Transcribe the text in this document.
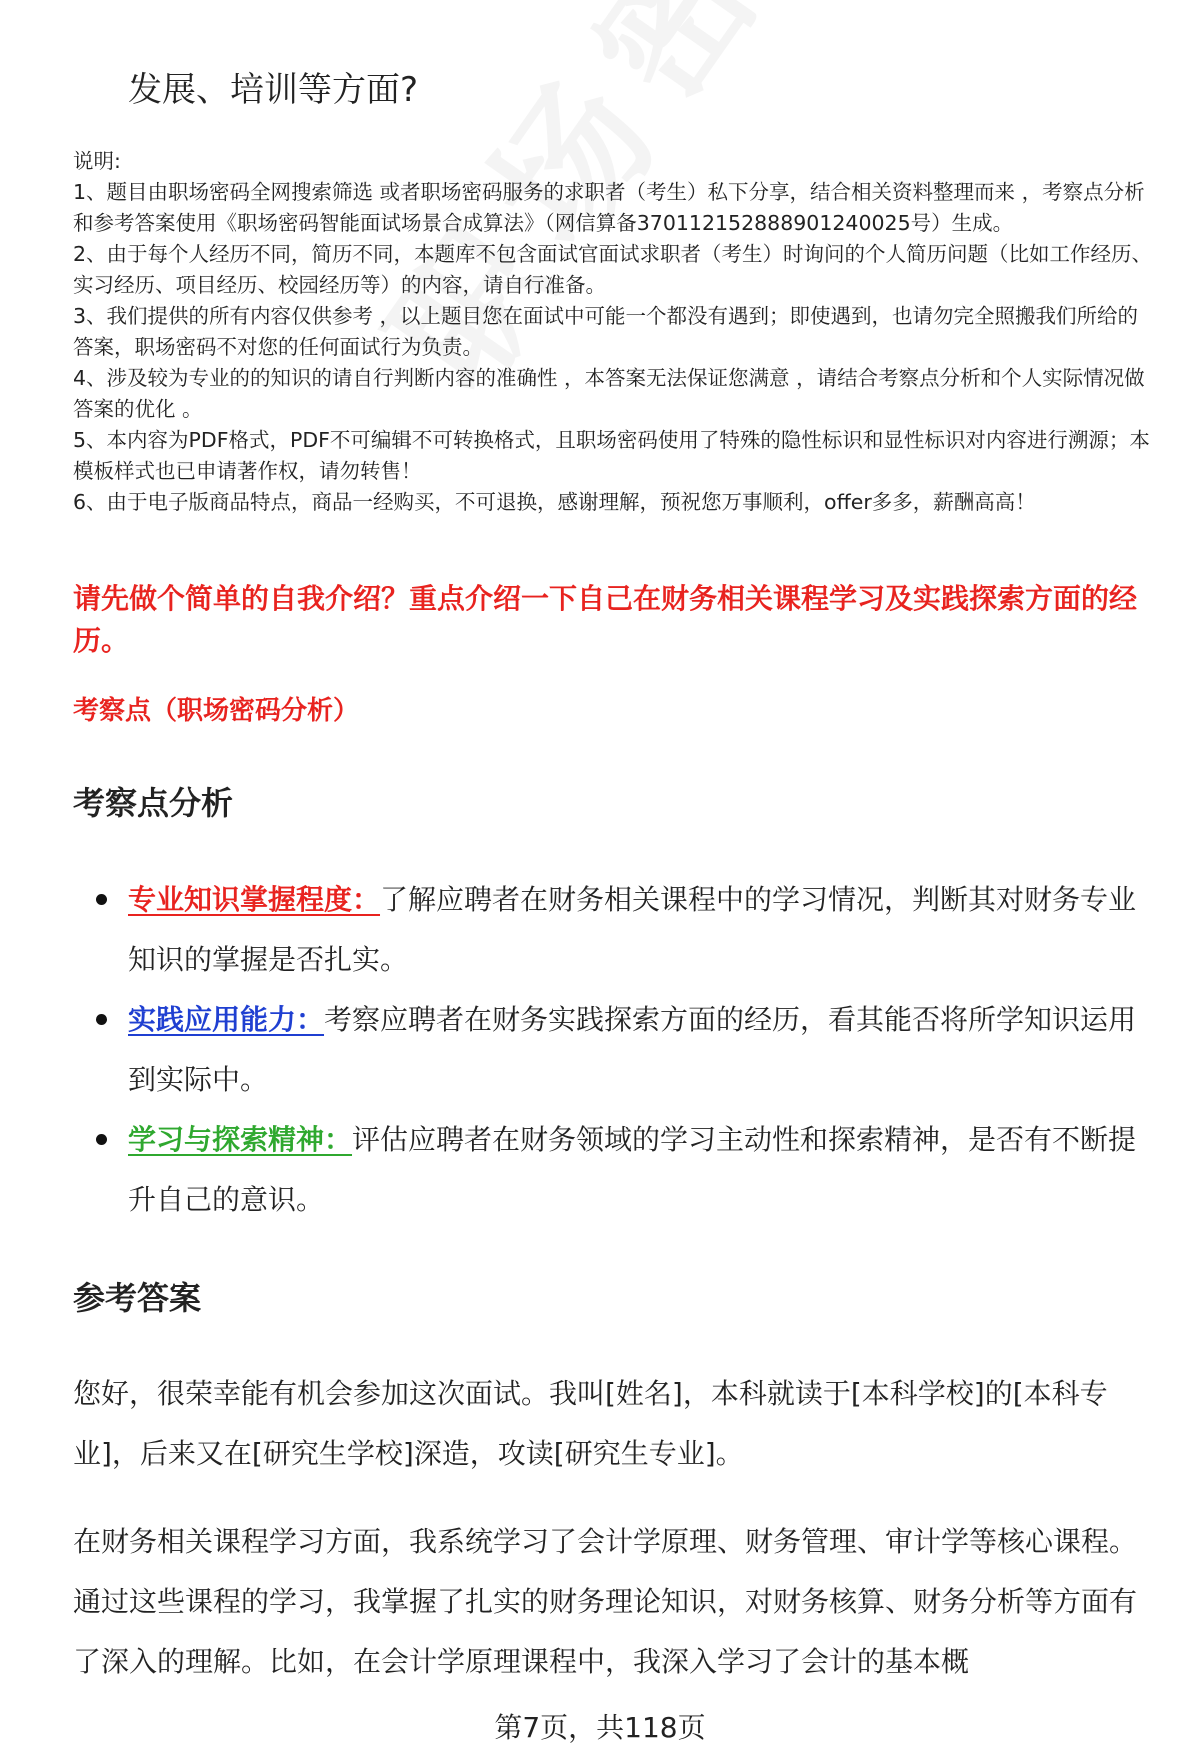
发展、培训等方面?

说明:

1、题目由职场密码全网搜索筛选 或者职场密码服务的求职者（考生）私下分享，结合相关资料整理而来 ，考察点分析和参考答案使用《职场密码智能面试场景合成算法》（网信算备370112152888901240025号）生成。

2、由于每个人经历不同，简历不同，本题库不包含面试官面试求职者（考生）时询问的个人简历问题（比如工作经历、实习经历、项目经历、校园经历等）的内容，请自行准备。

3、我们提供的所有内容仅供参考 ，以上题目您在面试中可能一个都没有遇到；即使遇到，也请勿完全照搬我们所给的答案，职场密码不对您的任何面试行为负责。

4、涉及较为专业的的知识的请自行判断内容的准确性 ，本答案无法保证您满意 ，请结合考察点分析和个人实际情况做答案的优化 。

5、本内容为PDF格式，PDF不可编辑不可转换格式，且职场密码使用了特殊的隐性标识和显性标识对内容进行溯源；本模板样式也已申请著作权，请勿转售！

6、由于电子版商品特点，商品一经购买，不可退换，感谢理解，预祝您万事顺利，offer多多，薪酬高高！

请先做个简单的自我介绍？重点介绍一下自己在财务相关课程学习及实践探索方面的经历。

考察点（职场密码分析）

考察点分析
专业知识掌握程度：了解应聘者在财务相关课程中的学习情况，判断其对财务专业知识的掌握是否扎实。
实践应用能力：考察应聘者在财务实践探索方面的经历，看其能否将所学知识运用到实际中。
学习与探索精神：评估应聘者在财务领域的学习主动性和探索精神，是否有不断提升自己的意识。
参考答案

您好，很荣幸能有机会参加这次面试。我叫[姓名]，本科就读于[本科学校]的[本科专业]，后来又在[研究生学校]深造，攻读[研究生专业]。

在财务相关课程学习方面，我系统学习了会计学原理、财务管理、审计学等核心课程。通过这些课程的学习，我掌握了扎实的财务理论知识，对财务核算、财务分析等方面有了深入的理解。比如，在会计学原理课程中，我深入学习了会计的基本概

第7页，共118页
